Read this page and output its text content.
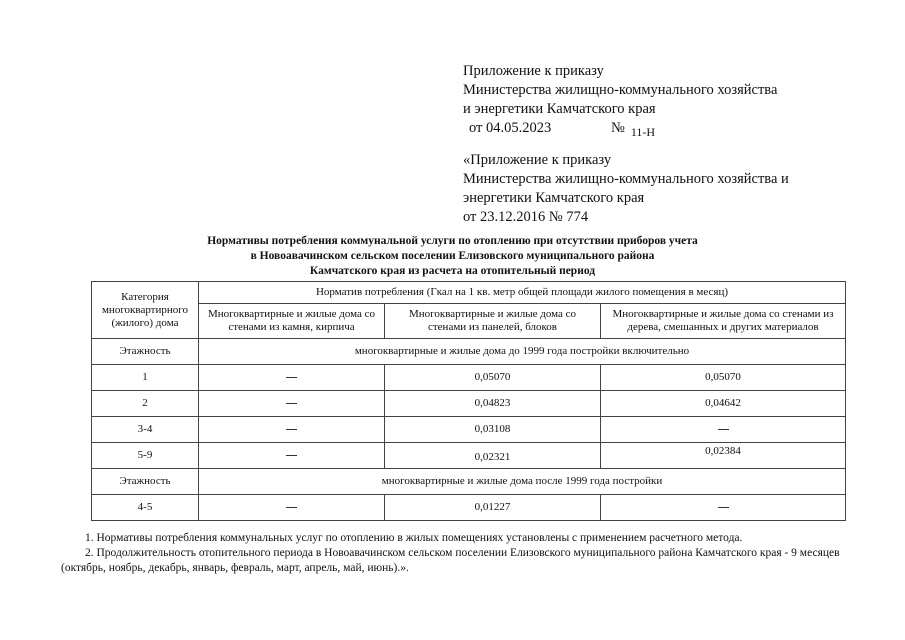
Приложение к приказу
Министерства жилищно-коммунального хозяйства
и энергетики Камчатского края
от 04.05.2023	№ $_{11-Н}$
«Приложение к приказу
Министерства жилищно-коммунального хозяйства и
энергетики Камчатского края
от 23.12.2016 № 774
Нормативы потребления коммунальной услуги по отоплению при отсутствии приборов учета
в Новоавачинском сельском поселении Елизовского муниципального района
Камчатского края из расчета на отопительный период
Категория многоквартирного (жилого) дома	Норматив потребления (Гкал на 1 кв. метр общей площади жилого помещения в месяц)		
	Многоквартирные и жилые дома со стенами из камня, кирпича	Многоквартирные и жилые дома со стенами из панелей, блоков	Многоквартирные и жилые дома со стенами из дерева, смешанных и других материалов
Этажность	многоквартирные и жилые дома до 1999 года постройки включительно		
1		0,05070	0,05070
2		0,04823	0,04642
3-4		0,03108	
5-9		0,02321	0,02384
Этажность	многоквартирные и жилые дома после 1999 года постройки		
4-5		0,01227	

1. Нормативы потребления коммунальных услуг по отоплению в жилых помещениях установлены с применением расчетного метода.

2. Продолжительность отопительного периода в Новоавачинском сельском поселении Елизовского муниципального района Камчатского края - 9 месяцев (октябрь, ноябрь, декабрь, январь, февраль, март, апрель, май, июнь).».
